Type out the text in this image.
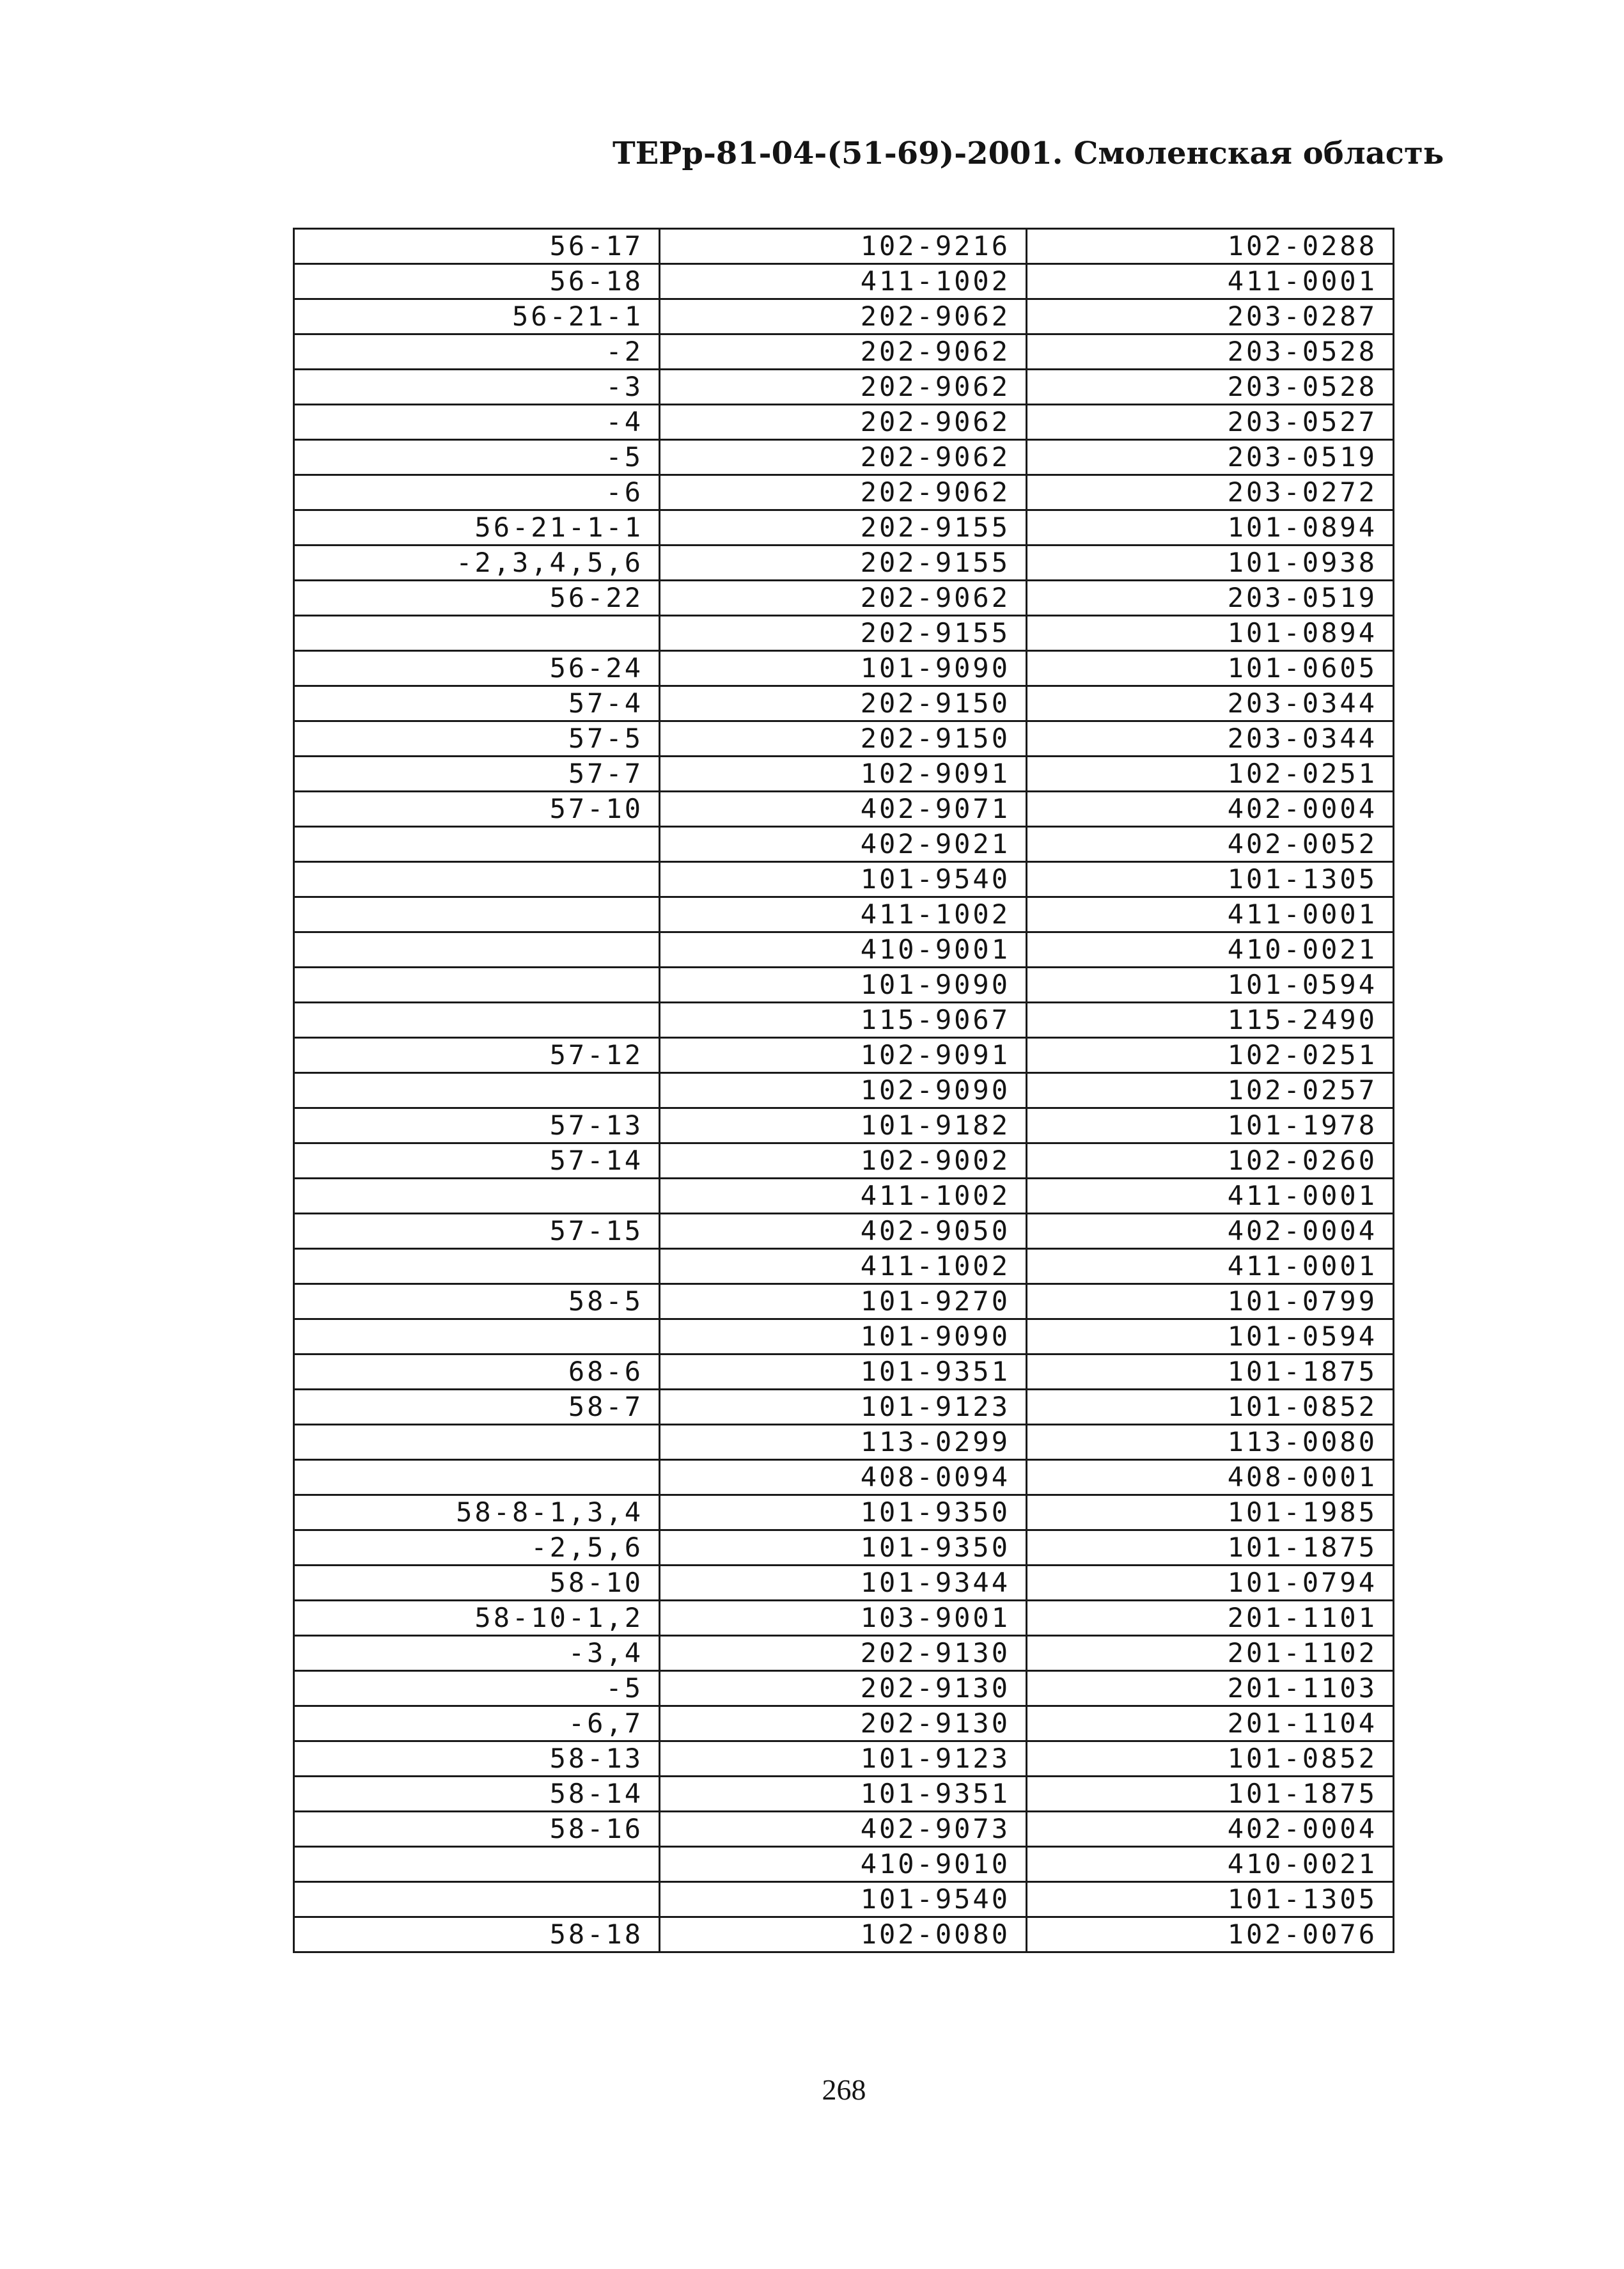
ТЕРр-81-04-(51-69)-2001. Смоленская область
56-17	102-9216	102-0288
56-18	411-1002	411-0001
56-21-1	202-9062	203-0287
-2	202-9062	203-0528
-3	202-9062	203-0528
-4	202-9062	203-0527
-5	202-9062	203-0519
-6	202-9062	203-0272
56-21-1-1	202-9155	101-0894
-2,3,4,5,6	202-9155	101-0938
56-22	202-9062	203-0519
	202-9155	101-0894
56-24	101-9090	101-0605
57-4	202-9150	203-0344
57-5	202-9150	203-0344
57-7	102-9091	102-0251
57-10	402-9071	402-0004
	402-9021	402-0052
	101-9540	101-1305
	411-1002	411-0001
	410-9001	410-0021
	101-9090	101-0594
	115-9067	115-2490
57-12	102-9091	102-0251
	102-9090	102-0257
57-13	101-9182	101-1978
57-14	102-9002	102-0260
	411-1002	411-0001
57-15	402-9050	402-0004
	411-1002	411-0001
58-5	101-9270	101-0799
	101-9090	101-0594
68-6	101-9351	101-1875
58-7	101-9123	101-0852
	113-0299	113-0080
	408-0094	408-0001
58-8-1,3,4	101-9350	101-1985
-2,5,6	101-9350	101-1875
58-10	101-9344	101-0794
58-10-1,2	103-9001	201-1101
-3,4	202-9130	201-1102
-5	202-9130	201-1103
-6,7	202-9130	201-1104
58-13	101-9123	101-0852
58-14	101-9351	101-1875
58-16	402-9073	402-0004
	410-9010	410-0021
	101-9540	101-1305
58-18	102-0080	102-0076

268
